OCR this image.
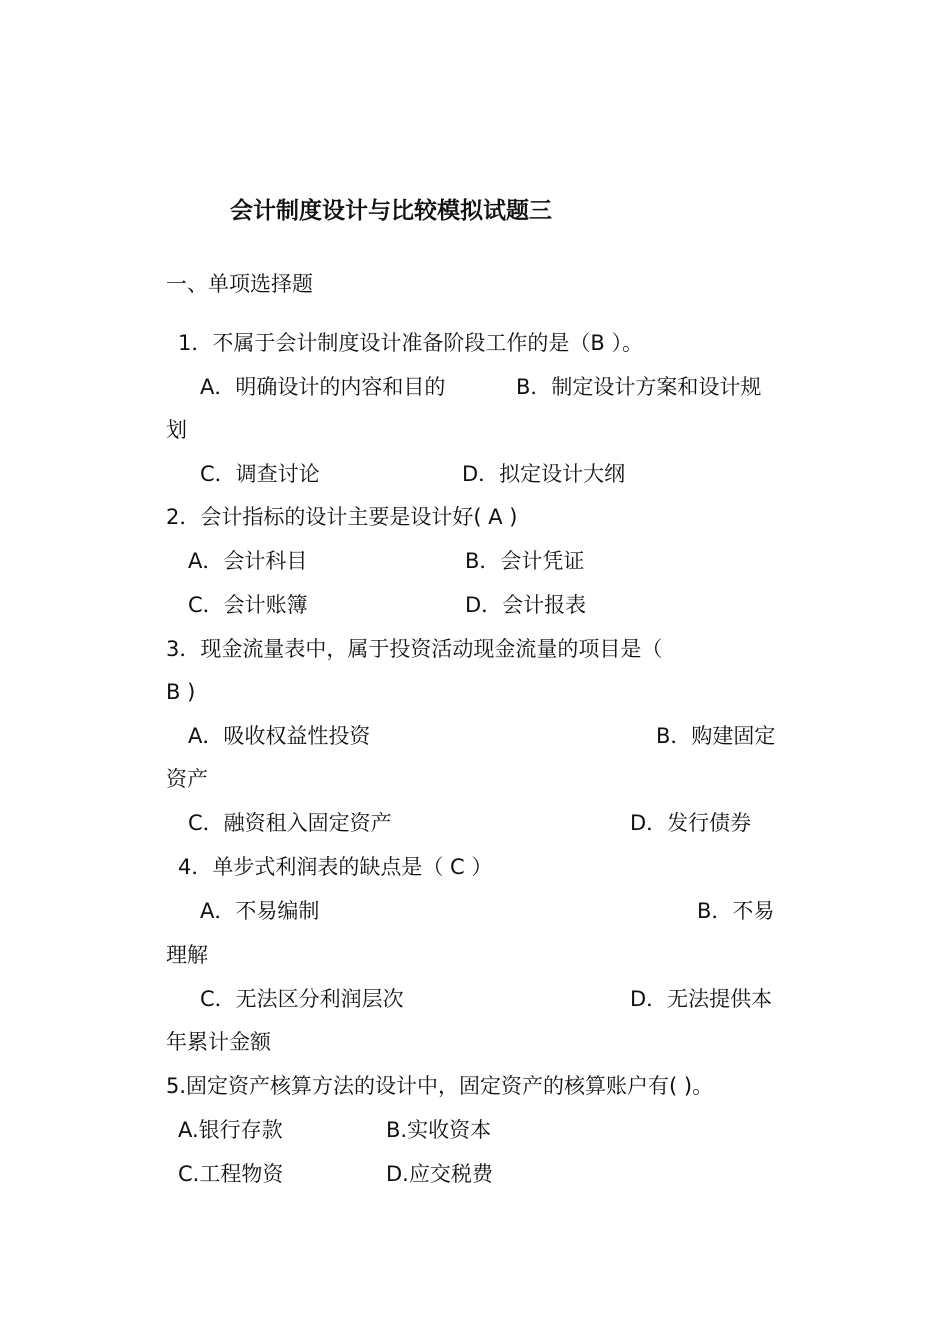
会计制度设计与比较模拟试题三
一、单项选择题
1．不属于会计制度设计准备阶段工作的是（B ）。
A．明确设计的内容和目的	B．制定设计方案和设计规
划
C．调查讨论	D．拟定设计大纲
2．会计指标的设计主要是设计好( A )
A．会计科目	B．会计凭证
C．会计账簿	D．会计报表
3．现金流量表中，属于投资活动现金流量的项目是（
B )
A．吸收权益性投资	B．购建固定
资产
C．融资租入固定资产	D．发行债券
4．单步式利润表的缺点是（ C ）
A．不易编制	B．不易
理解
C．无法区分利润层次	D．无法提供本
年累计金额
5.固定资产核算方法的设计中，固定资产的核算账户有( )。
A.银行存款	B.实收资本
C.工程物资	D.应交税费
